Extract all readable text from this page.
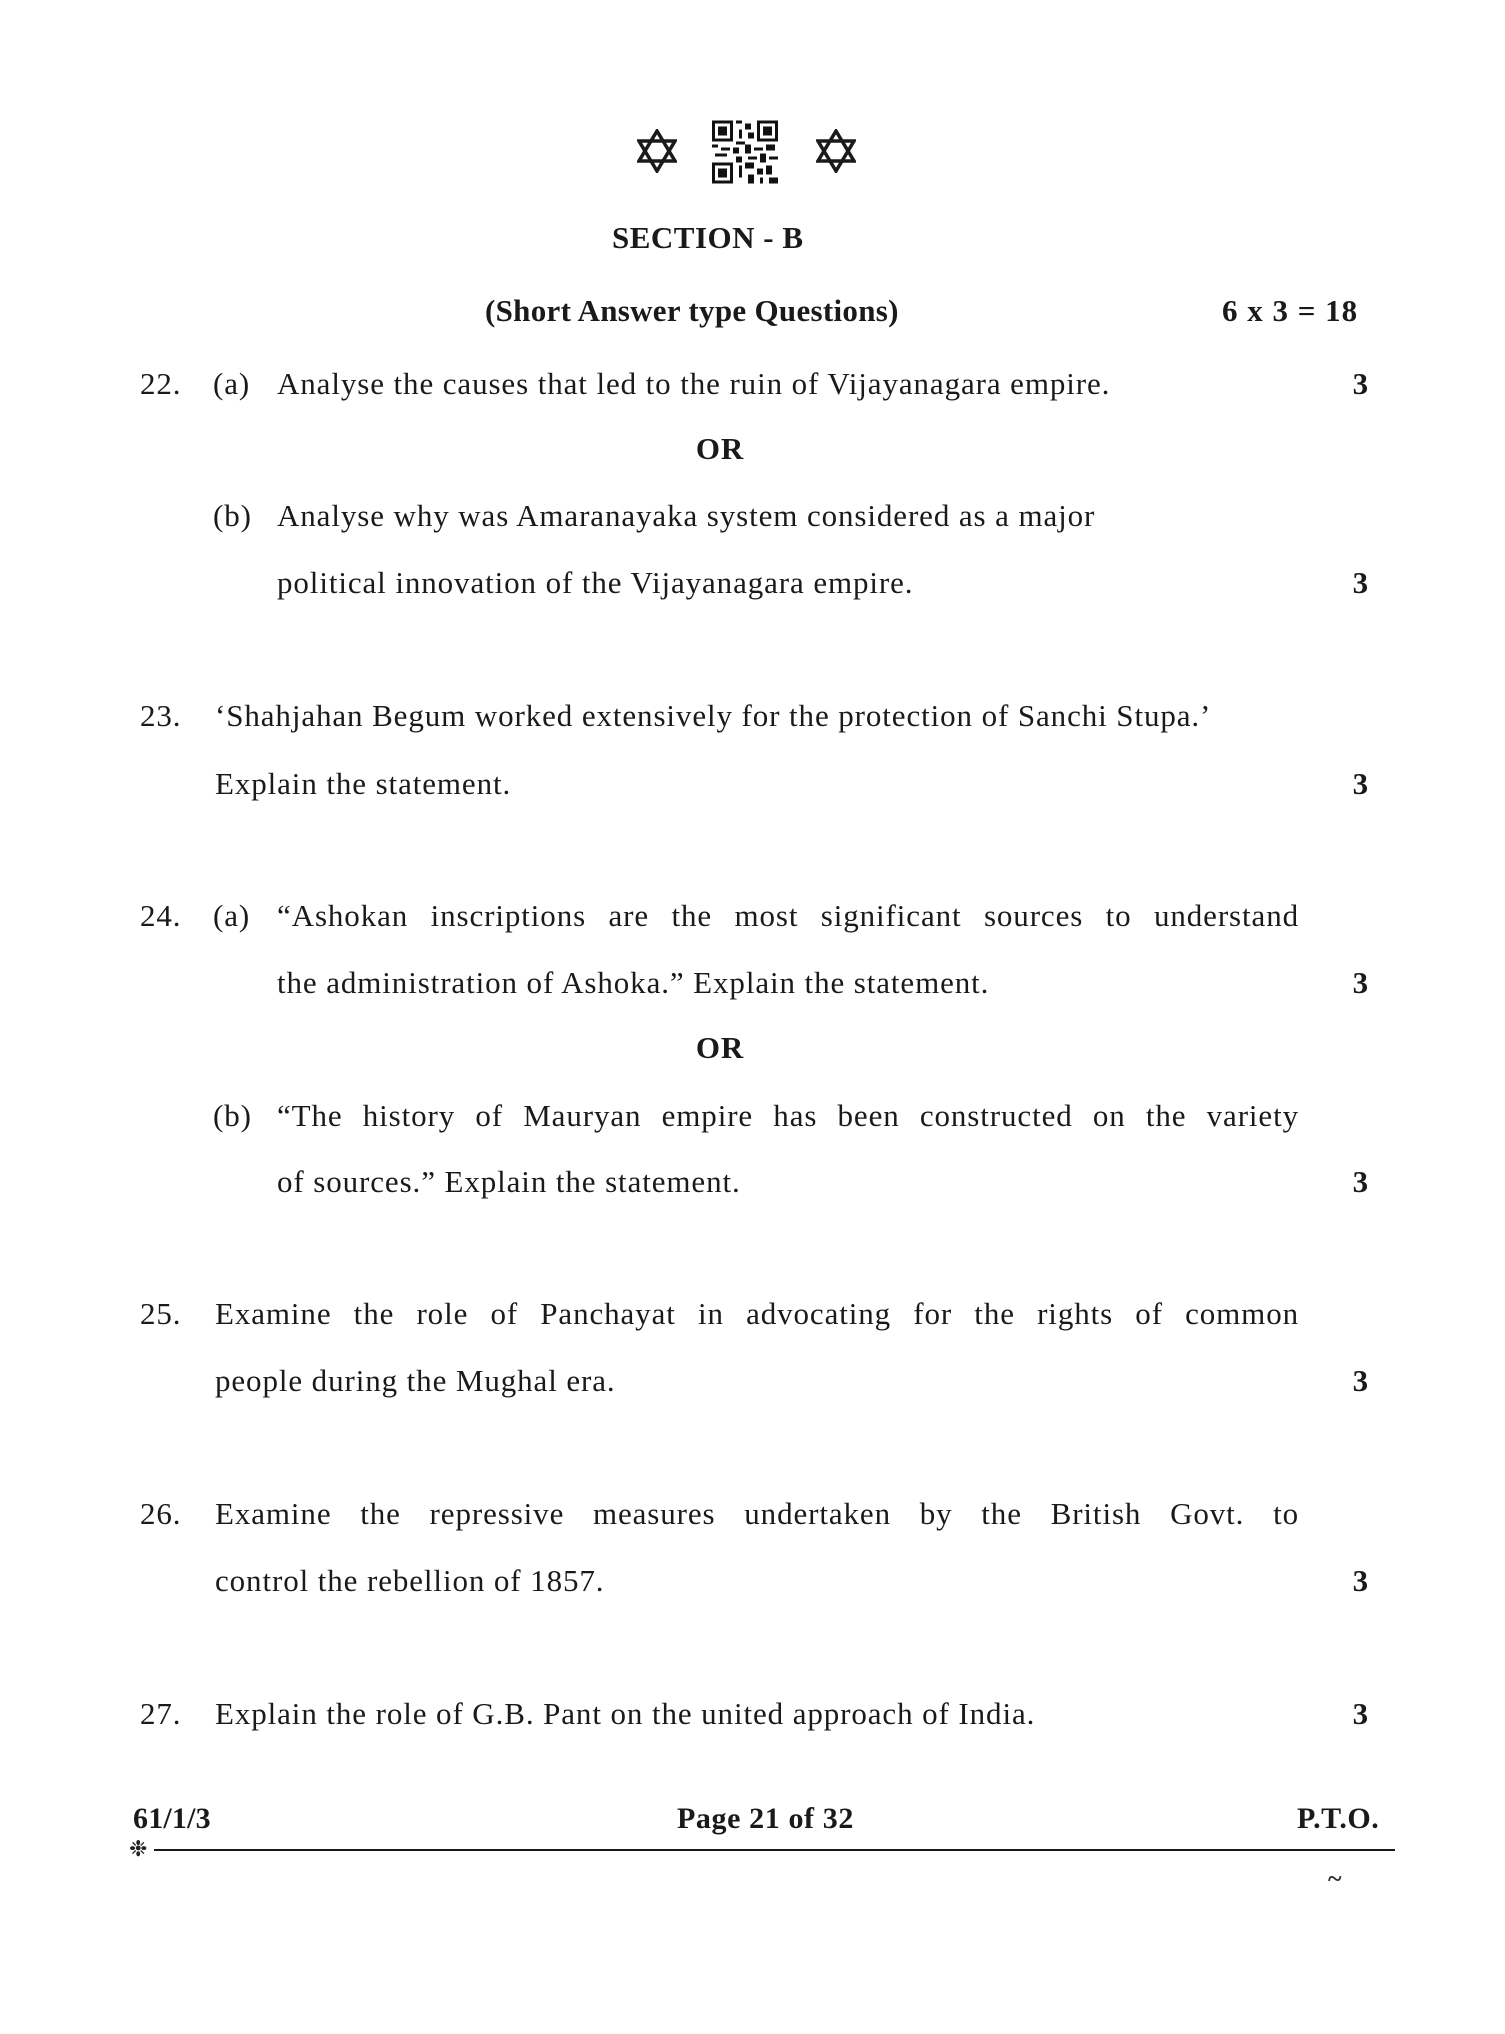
SECTION - B
(Short Answer type Questions)	6 x 3 = 18
22. (a) Analyse the causes that led to the ruin of Vijayanagara empire.	3
OR
(b) Analyse why was Amaranayaka system considered as a major
political innovation of the Vijayanagara empire.	3
23. ‘Shahjahan Begum worked extensively for the protection of Sanchi Stupa.’
Explain the statement.	3
24. (a) “Ashokan inscriptions are the most significant sources to understand
the administration of Ashoka.” Explain the statement.	3
OR
(b) “The history of Mauryan empire has been constructed on the variety
of sources.” Explain the statement.	3
25. Examine the role of Panchayat in advocating for the rights of common
people during the Mughal era.	3
26. Examine the repressive measures undertaken by the British Govt. to
control the rebellion of 1857.	3
27. Explain the role of G.B. Pant on the united approach of India.	3
61/1/3	Page 21 of 32	P.T.O.
❉
~
